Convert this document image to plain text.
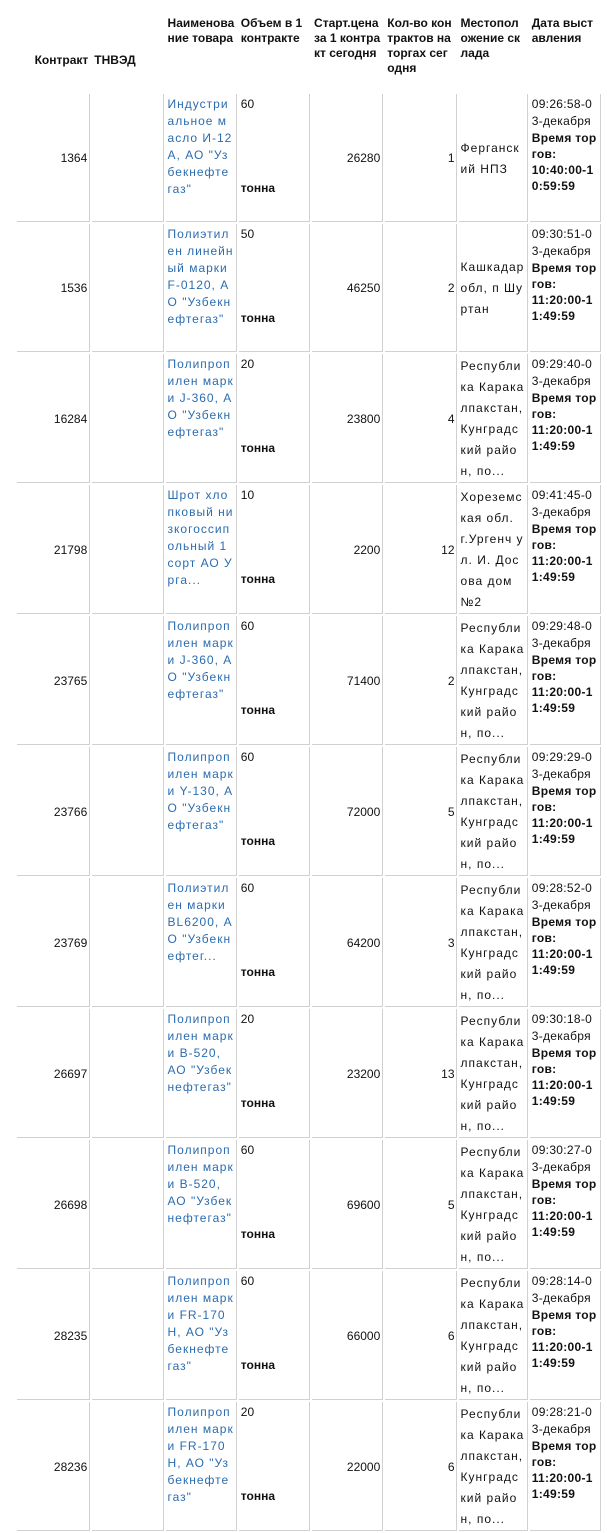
Контракт	ТНВЭД	Наименование товара	Объем в 1 контракте	Старт.цена за 1 контракт сегодня	Кол-во контрактов на торгах сегодня	Местоположение склада	Дата выставления
1364		Индустриальное масло И-12А, АО "Узбекнефтегаз"	60
тонна	26280	1	Ферганский НПЗ	09:26:58-03-декабря
Время торгов:
10:40:00-10:59:59

1536		Полиэтилен линейный марки F-0120, АО "Узбекнефтегаз"	50
тонна	46250	2	Кашкадар обл, п Шуртан	09:30:51-03-декабря
Время торгов:
11:20:00-11:49:59

16284		Полипропилен марки J-360, АО "Узбекнефтегаз"	20
тонна	23800	4	Республика Каракалпакстан, Кунградский район, по...	09:29:40-03-декабря
Время торгов:
11:20:00-11:49:59

21798		Шрот хлопковый низкогоссипольный 1 сорт АО Урга...	10
тонна	2200	12	Хореземская обл. г.Ургенч ул. И. Досова дом №2	09:41:45-03-декабря
Время торгов:
11:20:00-11:49:59

23765		Полипропилен марки J-360, АО "Узбекнефтегаз"	60
тонна	71400	2	Республика Каракалпакстан, Кунградский район, по...	09:29:48-03-декабря
Время торгов:
11:20:00-11:49:59

23766		Полипропилен марки Y-130, АО "Узбекнефтегаз"	60
тонна	72000	5	Республика Каракалпакстан, Кунградский район, по...	09:29:29-03-декабря
Время торгов:
11:20:00-11:49:59

23769		Полиэтилен марки BL6200, АО "Узбекнефтег...	60
тонна	64200	3	Республика Каракалпакстан, Кунградский район, по...	09:28:52-03-декабря
Время торгов:
11:20:00-11:49:59

26697		Полипропилен марки B-520, АО "Узбекнефтегаз"	20
тонна	23200	13	Республика Каракалпакстан, Кунградский район, по...	09:30:18-03-декабря
Время торгов:
11:20:00-11:49:59

26698		Полипропилен марки B-520, АО "Узбекнефтегаз"	60
тонна	69600	5	Республика Каракалпакстан, Кунградский район, по...	09:30:27-03-декабря
Время торгов:
11:20:00-11:49:59

28235		Полипропилен марки FR-170H, АО "Узбекнефтегаз"	60
тонна	66000	6	Республика Каракалпакстан, Кунградский район, по...	09:28:14-03-декабря
Время торгов:
11:20:00-11:49:59

28236		Полипропилен марки FR-170H, АО "Узбекнефтегаз"	20
тонна	22000	6	Республика Каракалпакстан, Кунградский район, по...	09:28:21-03-декабря
Время торгов:
11:20:00-11:49:59
